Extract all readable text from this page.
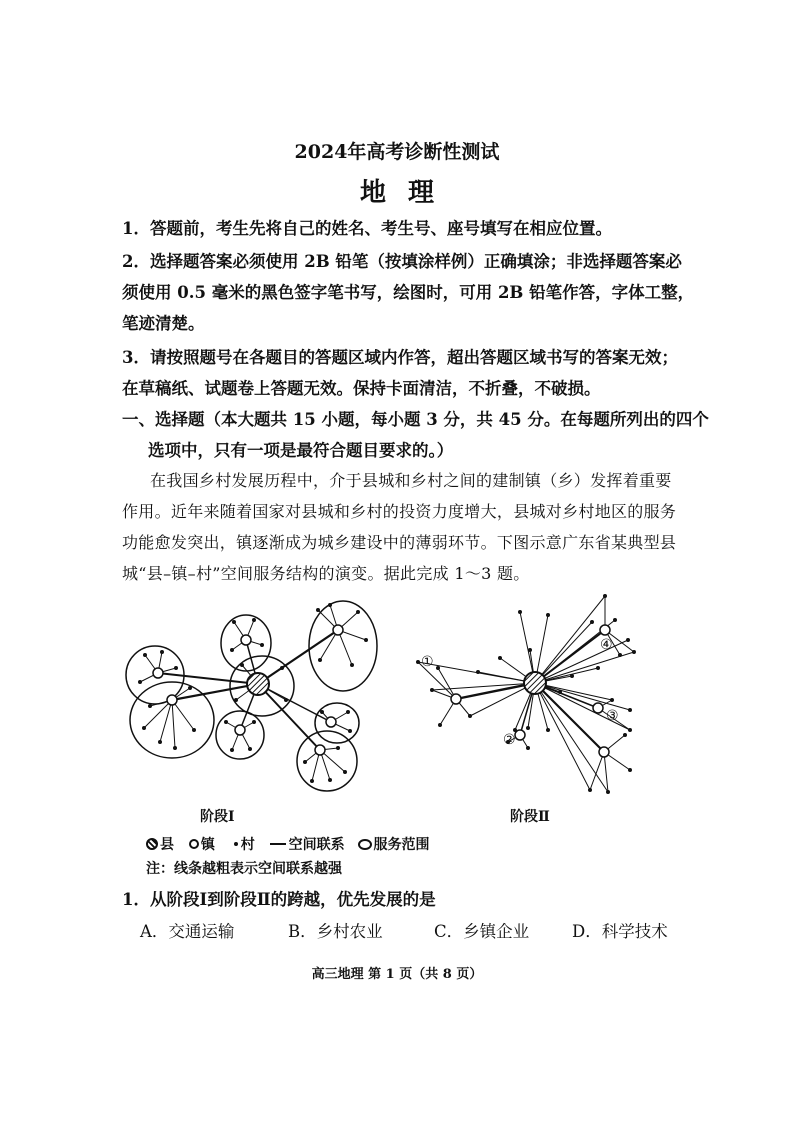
2024年高考诊断性测试
地理
1．答题前，考生先将自己的姓名、考生号、座号填写在相应位置。
2．选择题答案必须使用 2B 铅笔（按填涂样例）正确填涂；非选择题答案必
须使用 0.5 毫米的黑色签字笔书写，绘图时，可用 2B 铅笔作答，字体工整，
笔迹清楚。
3．请按照题号在各题目的答题区域内作答，超出答题区域书写的答案无效；
在草稿纸、试题卷上答题无效。保持卡面清洁，不折叠，不破损。
一、选择题（本大题共 15 小题，每小题 3 分，共 45 分。在每题所列出的四个
选项中，只有一项是最符合题目要求的。）
在我国乡村发展历程中，介于县城和乡村之间的建制镇（乡）发挥着重要
作用。近年来随着国家对县城和乡村的投资力度增大，县城对乡村地区的服务
功能愈发突出，镇逐渐成为城乡建设中的薄弱环节。下图示意广东省某典型县
城“县–镇–村”空间服务结构的演变。据此完成 1～3 题。
①
②
③
④
阶段Ⅰ	阶段Ⅱ
县 镇 村 空间联系 服务范围
注：线条越粗表示空间联系越强
1．从阶段Ⅰ到阶段Ⅱ的跨越，优先发展的是
A．交通运输	B．乡村农业	C．乡镇企业	D．科学技术
高三地理 第 1 页（共 8 页）
